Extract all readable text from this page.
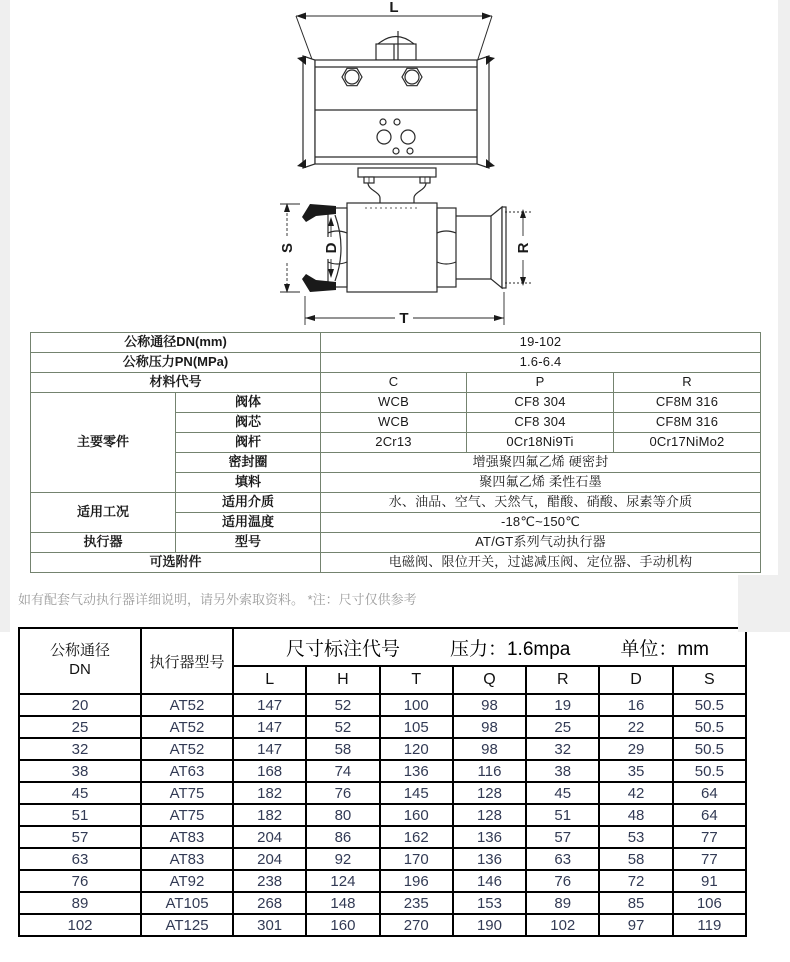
L
S D	R
T
公称通径DN(mm)		19-102		
公称压力PN(MPa)		1.6-6.4		
材料代号		C	P	R
主要零件	阀体	WCB	CF8 304	CF8M 316
	阀芯	WCB	CF8 304	CF8M 316
	阀杆	2Cr13	0Cr18Ni9Ti	0Cr17NiMo2
	密封圈	增强聚四氟乙烯 硬密封		
	填料	聚四氟乙烯 柔性石墨		
适用工况	适用介质	水、油品、空气、天然气，醋酸、硝酸、尿素等介质		
	适用温度	-18℃~150℃		
执行器	型号	AT/GT系列气动执行器		
可选附件		电磁阀、限位开关，过滤减压阀、定位器、手动机构		
如有配套气动执行器详细说明，请另外索取资料。 *注：尺寸仅供参考
公称通径
DN	执行器型号	尺寸标注代号 压力：1.6mpa 单位：mm						

		L	H	T	Q	R	D	S
20	AT52	147	52	100	98	19	16	50.5
25	AT52	147	52	105	98	25	22	50.5
32	AT52	147	58	120	98	32	29	50.5
38	AT63	168	74	136	116	38	35	50.5
45	AT75	182	76	145	128	45	42	64
51	AT75	182	80	160	128	51	48	64
57	AT83	204	86	162	136	57	53	77
63	AT83	204	92	170	136	63	58	77
76	AT92	238	124	196	146	76	72	91
89	AT105	268	148	235	153	89	85	106
102	AT125	301	160	270	190	102	97	119
